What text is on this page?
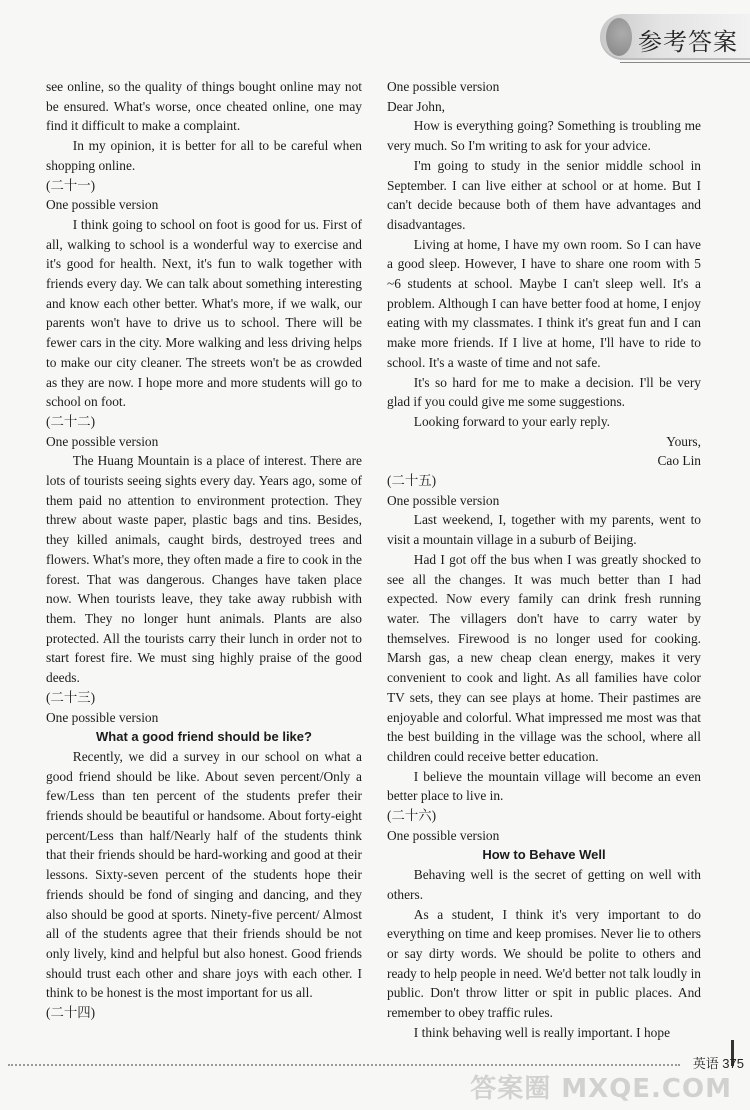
参考答案

see online, so the quality of things bought online may not be ensured. What's worse, once cheated online, one may find it difficult to make a complaint.

In my opinion, it is better for all to be careful when shopping online.

(二十一)

One possible version

I think going to school on foot is good for us. First of all, walking to school is a wonderful way to exercise and it's good for health. Next, it's fun to walk together with friends every day. We can talk about something interesting and know each other better. What's more, if we walk, our parents won't have to drive us to school. There will be fewer cars in the city. More walking and less driving helps to make our city cleaner. The streets won't be as crowded as they are now. I hope more and more students will go to school on foot.

(二十二)

One possible version

The Huang Mountain is a place of interest. There are lots of tourists seeing sights every day. Years ago, some of them paid no attention to environment protection. They threw about waste paper, plastic bags and tins. Besides, they killed animals, caught birds, destroyed trees and flowers. What's more, they often made a fire to cook in the forest. That was dangerous. Changes have taken place now. When tourists leave, they take away rubbish with them. They no longer hunt animals. Plants are also protected. All the tourists carry their lunch in order not to start forest fire. We must sing highly praise of the good deeds.

(二十三)

One possible version

What a good friend should be like?

Recently, we did a survey in our school on what a good friend should be like. About seven percent/Only a few/Less than ten percent of the students prefer their friends should be beautiful or handsome. About forty-eight percent/Less than half/Nearly half of the students think that their friends should be hard-working and good at their lessons. Sixty-seven percent of the students hope their friends should be fond of singing and dancing, and they also should be good at sports. Ninety-five percent/ Almost all of the students agree that their friends should be not only lively, kind and helpful but also honest. Good friends should trust each other and share joys with each other. I think to be honest is the most important for us all.

(二十四)

One possible version

Dear John,

How is everything going? Something is troubling me very much. So I'm writing to ask for your advice.

I'm going to study in the senior middle school in September. I can live either at school or at home. But I can't decide because both of them have advantages and disadvantages.

Living at home, I have my own room. So I can have a good sleep. However, I have to share one room with 5 ~6 students at school. Maybe I can't sleep well. It's a problem. Although I can have better food at home, I enjoy eating with my classmates. I think it's great fun and I can make more friends. If I live at home, I'll have to ride to school. It's a waste of time and not safe.

It's so hard for me to make a decision. I'll be very glad if you could give me some suggestions.

Looking forward to your early reply.

Yours,

Cao Lin

(二十五)

One possible version

Last weekend, I, together with my parents, went to visit a mountain village in a suburb of Beijing.

Had I got off the bus when I was greatly shocked to see all the changes. It was much better than I had expected. Now every family can drink fresh running water. The villagers don't have to carry water by themselves. Firewood is no longer used for cooking. Marsh gas, a new cheap clean energy, makes it very convenient to cook and light. As all families have color TV sets, they can see plays at home. Their pastimes are enjoyable and colorful. What impressed me most was that the best building in the village was the school, where all children could receive better education.

I believe the mountain village will become an even better place to live in.

(二十六)

One possible version

How to Behave Well

Behaving well is the secret of getting on well with others.

As a student, I think it's very important to do everything on time and keep promises. Never lie to others or say dirty words. We should be polite to others and ready to help people in need. We'd better not talk loudly in public. Don't throw litter or spit in public places. And remember to obey traffic rules.

I think behaving well is really important. I hope

英语 375
答案圈 MXQE.COM
